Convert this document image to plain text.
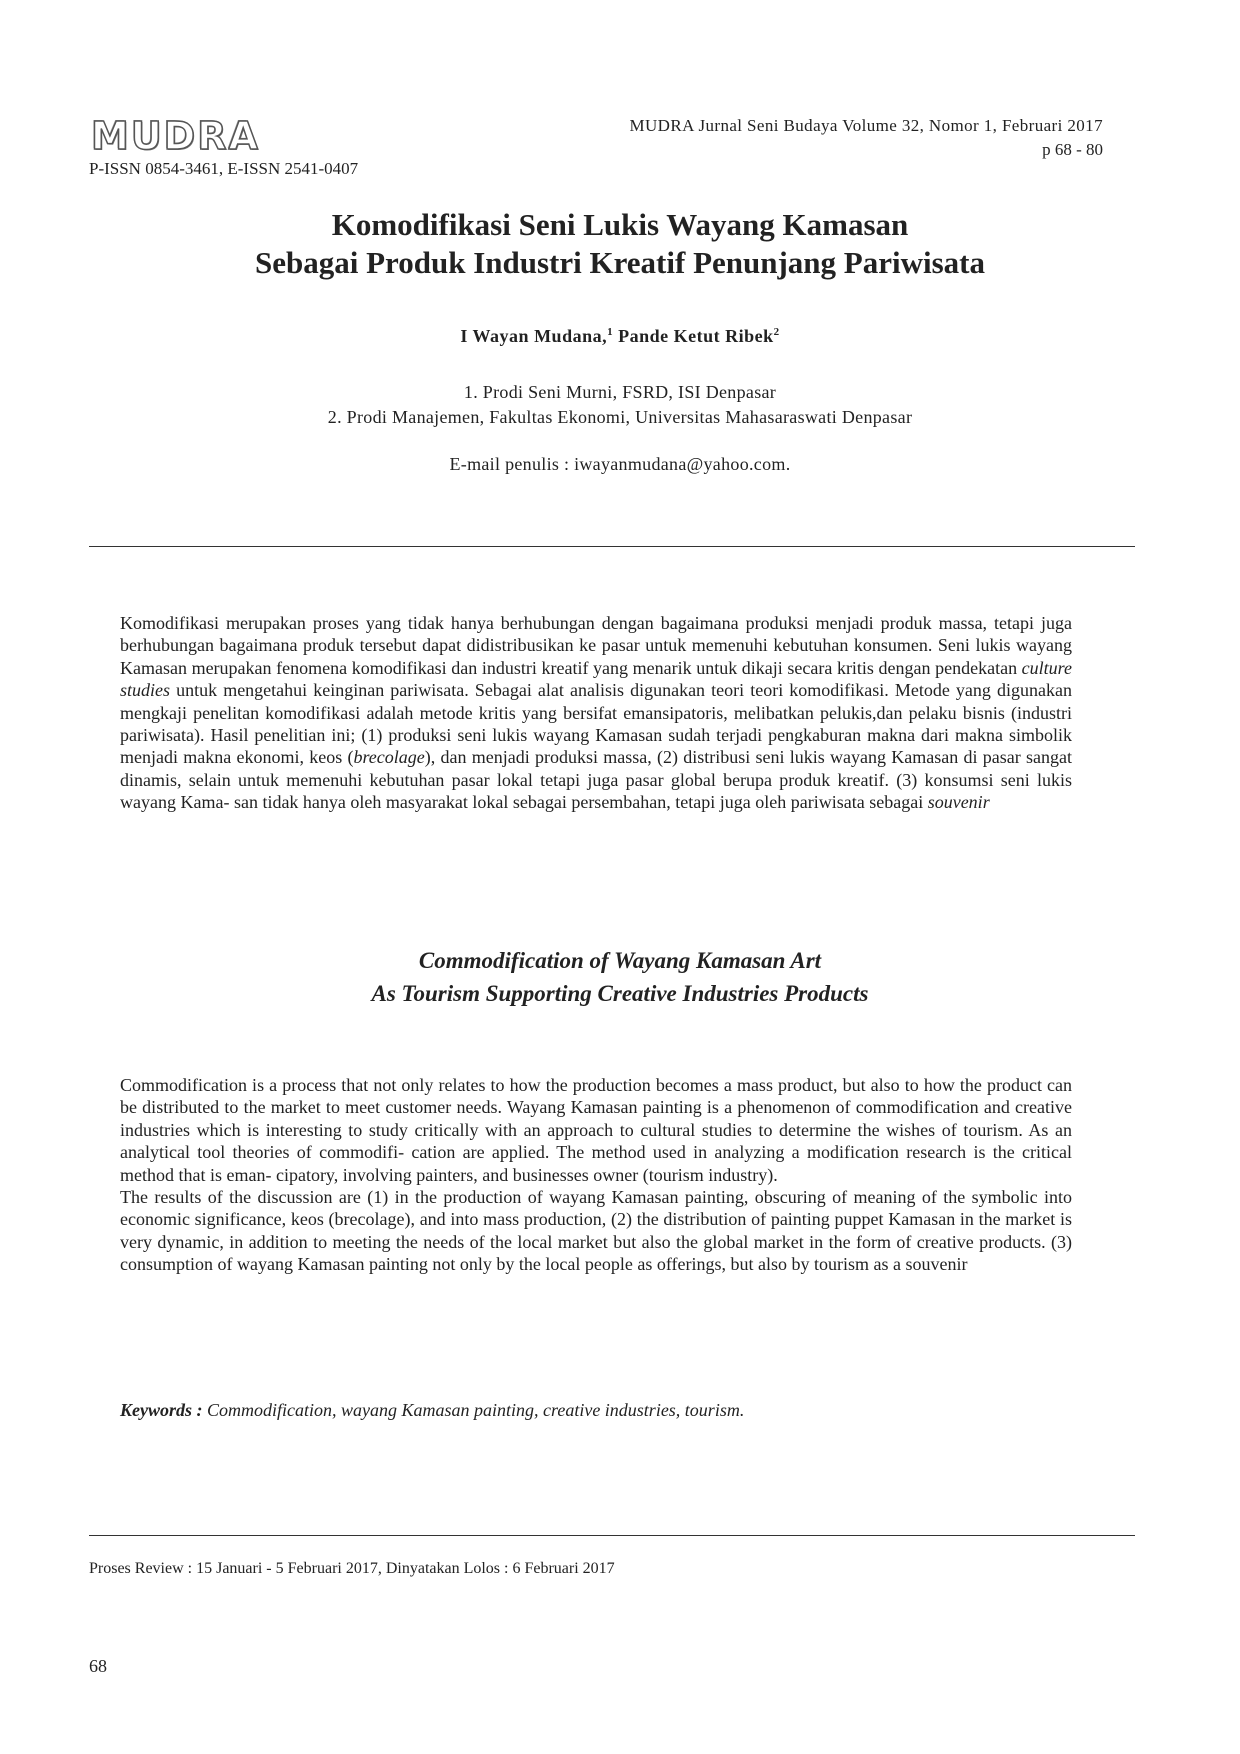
MUDRA
P-ISSN 0854-3461, E-ISSN 2541-0407
MUDRA Jurnal Seni Budaya Volume 32, Nomor 1, Februari 2017
p 68 - 80
Komodifikasi Seni Lukis Wayang Kamasan
Sebagai Produk Industri Kreatif Penunjang Pariwisata
I Wayan Mudana,$^1$ Pande Ketut Ribek$^2$
1. Prodi Seni Murni, FSRD, ISI Denpasar
2. Prodi Manajemen, Fakultas Ekonomi, Universitas Mahasaraswati Denpasar
E-mail penulis : iwayanmudana@yahoo.com.
Komodifikasi merupakan proses yang tidak hanya berhubungan dengan bagaimana produksi menjadi produk massa, tetapi juga berhubungan bagaimana produk tersebut dapat didistribusikan ke pasar untuk memenuhi kebutuhan konsumen. Seni lukis wayang Kamasan merupakan fenomena komodifikasi dan industri kreatif yang menarik untuk dikaji secara kritis dengan pendekatan culture studies untuk mengetahui keinginan pariwisata. Sebagai alat analisis digunakan teori teori komodifikasi. Metode yang digunakan mengkaji penelitan komodifikasi adalah metode kritis yang bersifat emansipatoris, melibatkan pelukis,dan pelaku bisnis (industri pariwisata). Hasil penelitian ini; (1) produksi seni lukis wayang Kamasan sudah terjadi pengkaburan makna dari makna simbolik menjadi makna ekonomi, keos (brecolage), dan menjadi produksi massa, (2) distribusi seni lukis wayang Kamasan di pasar sangat dinamis, selain untuk memenuhi kebutuhan pasar lokal tetapi juga pasar global berupa produk kreatif. (3) konsumsi seni lukis wayang Kama- san tidak hanya oleh masyarakat lokal sebagai persembahan, tetapi juga oleh pariwisata sebagai souvenir
Commodification of Wayang Kamasan Art
As Tourism Supporting Creative Industries Products
Commodification is a process that not only relates to how the production becomes a mass product, but also to how the product can be distributed to the market to meet customer needs. Wayang Kamasan painting is a phenomenon of commodification and creative industries which is interesting to study critically with an approach to cultural studies to determine the wishes of tourism. As an analytical tool theories of commodifi- cation are applied. The method used in analyzing a modification research is the critical method that is eman- cipatory, involving painters, and businesses owner (tourism industry).
The results of the discussion are (1) in the production of wayang Kamasan painting, obscuring of meaning of the symbolic into economic significance, keos (brecolage), and into mass production, (2) the distribution of painting puppet Kamasan in the market is very dynamic, in addition to meeting the needs of the local market but also the global market in the form of creative products. (3) consumption of wayang Kamasan painting not only by the local people as offerings, but also by tourism as a souvenir
Keywords : Commodification, wayang Kamasan painting, creative industries, tourism.
Proses Review : 15 Januari - 5 Februari 2017, Dinyatakan Lolos : 6 Februari 2017
68
